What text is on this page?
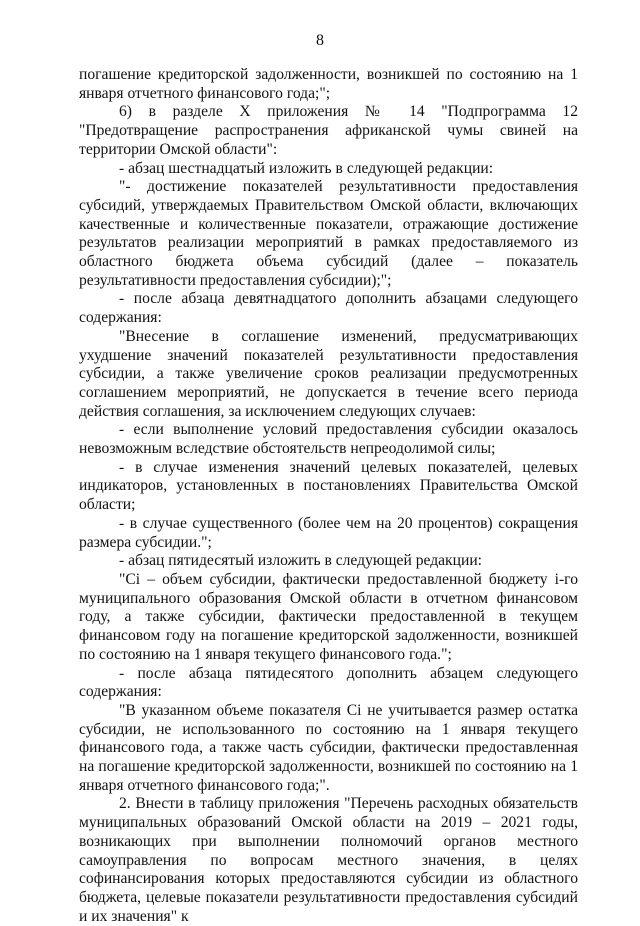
8

погашение кредиторской задолженности, возникшей по состоянию на 1 января отчетного финансового года;";

6) в разделе X приложения № 14 "Подпрограмма 12 "Предотвращение распространения африканской чумы свиней на территории Омской области":

- абзац шестнадцатый изложить в следующей редакции:

"- достижение показателей результативности предоставления субсидий, утверждаемых Правительством Омской области, включающих качественные и количественные показатели, отражающие достижение результатов реализации мероприятий в рамках предоставляемого из областного бюджета объема субсидий (далее – показатель результативности предоставления субсидии);";

- после абзаца девятнадцатого дополнить абзацами следующего содержания:

"Внесение в соглашение изменений, предусматривающих ухудшение значений показателей результативности предоставления субсидии, а также увеличение сроков реализации предусмотренных соглашением мероприятий, не допускается в течение всего периода действия соглашения, за исключением следующих случаев:

- если выполнение условий предоставления субсидии оказалось невозможным вследствие обстоятельств непреодолимой силы;

- в случае изменения значений целевых показателей, целевых индикаторов, установленных в постановлениях Правительства Омской области;

- в случае существенного (более чем на 20 процентов) сокращения размера субсидии.";

- абзац пятидесятый изложить в следующей редакции:

"Ci – объем субсидии, фактически предоставленной бюджету i-го муниципального образования Омской области в отчетном финансовом году, а также субсидии, фактически предоставленной в текущем финансовом году на погашение кредиторской задолженности, возникшей по состоянию на 1 января текущего финансового года.";

- после абзаца пятидесятого дополнить абзацем следующего содержания:

"В указанном объеме показателя Ci не учитывается размер остатка субсидии, не использованного по состоянию на 1 января текущего финансового года, а также часть субсидии, фактически предоставленная на погашение кредиторской задолженности, возникшей по состоянию на 1 января отчетного финансового года;".

2. Внести в таблицу приложения "Перечень расходных обязательств муниципальных образований Омской области на 2019 – 2021 годы, возникающих при выполнении полномочий органов местного самоуправления по вопросам местного значения, в целях софинансирования которых предоставляются субсидии из областного бюджета, целевые показатели результативности предоставления субсидий и их значения" к
